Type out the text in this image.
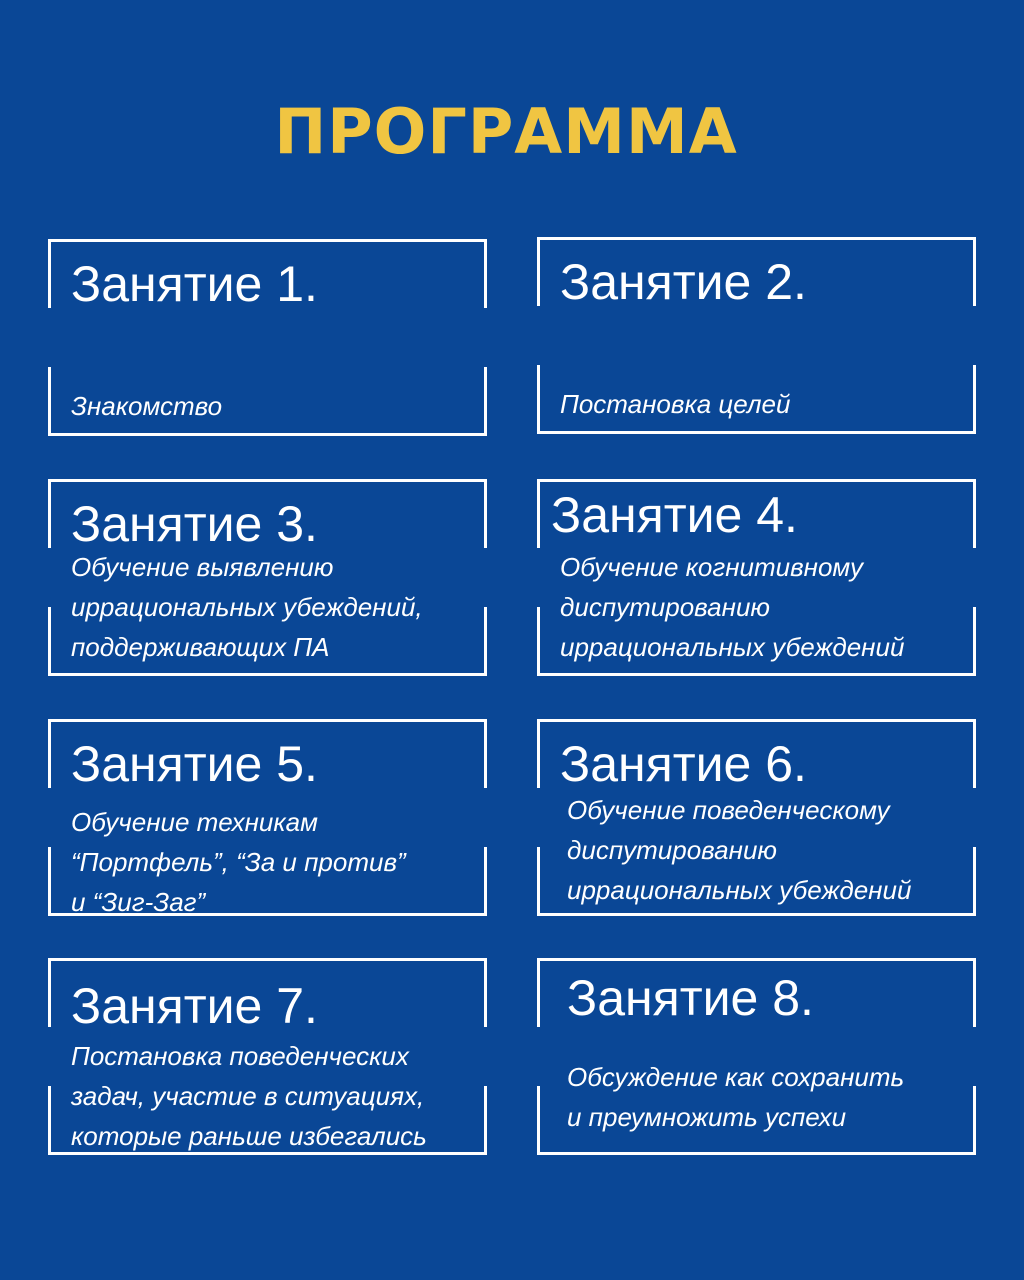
ПРОГРАММА
Занятие 1.
Знакомство
Занятие 2.
Постановка целей
Занятие 3.
Обучение выявлению
иррациональных убеждений,
поддерживающих ПА
Занятие 4.
Обучение когнитивному
диспутированию
иррациональных убеждений
Занятие 5.
Обучение техникам
“Портфель”, “За и против”
и “Зиг-Заг”
Занятие 6.
Обучение поведенческому
диспутированию
иррациональных убеждений
Занятие 7.
Постановка поведенческих
задач, участие в ситуациях,
которые раньше избегались
Занятие 8.
Обсуждение как сохранить
и преумножить успехи
